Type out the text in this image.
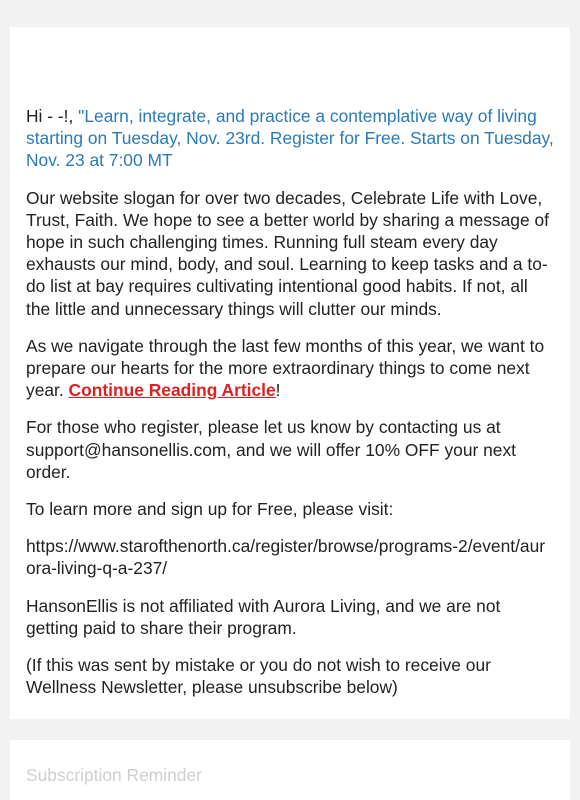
Hi - -!, "Learn, integrate, and practice a contemplative way of living starting on Tuesday, Nov. 23rd. Register for Free. Starts on Tuesday, Nov. 23 at 7:00 MT

Our website slogan for over two decades, Celebrate Life with Love, Trust, Faith. We hope to see a better world by sharing a message of hope in such challenging times. Running full steam every day exhausts our mind, body, and soul. Learning to keep tasks and a to-do list at bay requires cultivating intentional good habits. If not, all the little and unnecessary things will clutter our minds.

As we navigate through the last few months of this year, we want to prepare our hearts for the more extraordinary things to come next year. Continue Reading Article!

For those who register, please let us know by contacting us at support@hansonellis.com, and we will offer 10% OFF your next order.

To learn more and sign up for Free, please visit:

https://www.starofthenorth.ca/register/browse/programs-2/event/aurora-living-q-a-237/

HansonEllis is not affiliated with Aurora Living, and we are not getting paid to share their program.

(If this was sent by mistake or you do not wish to receive our Wellness Newsletter, please unsubscribe below)

Subscription Reminder
